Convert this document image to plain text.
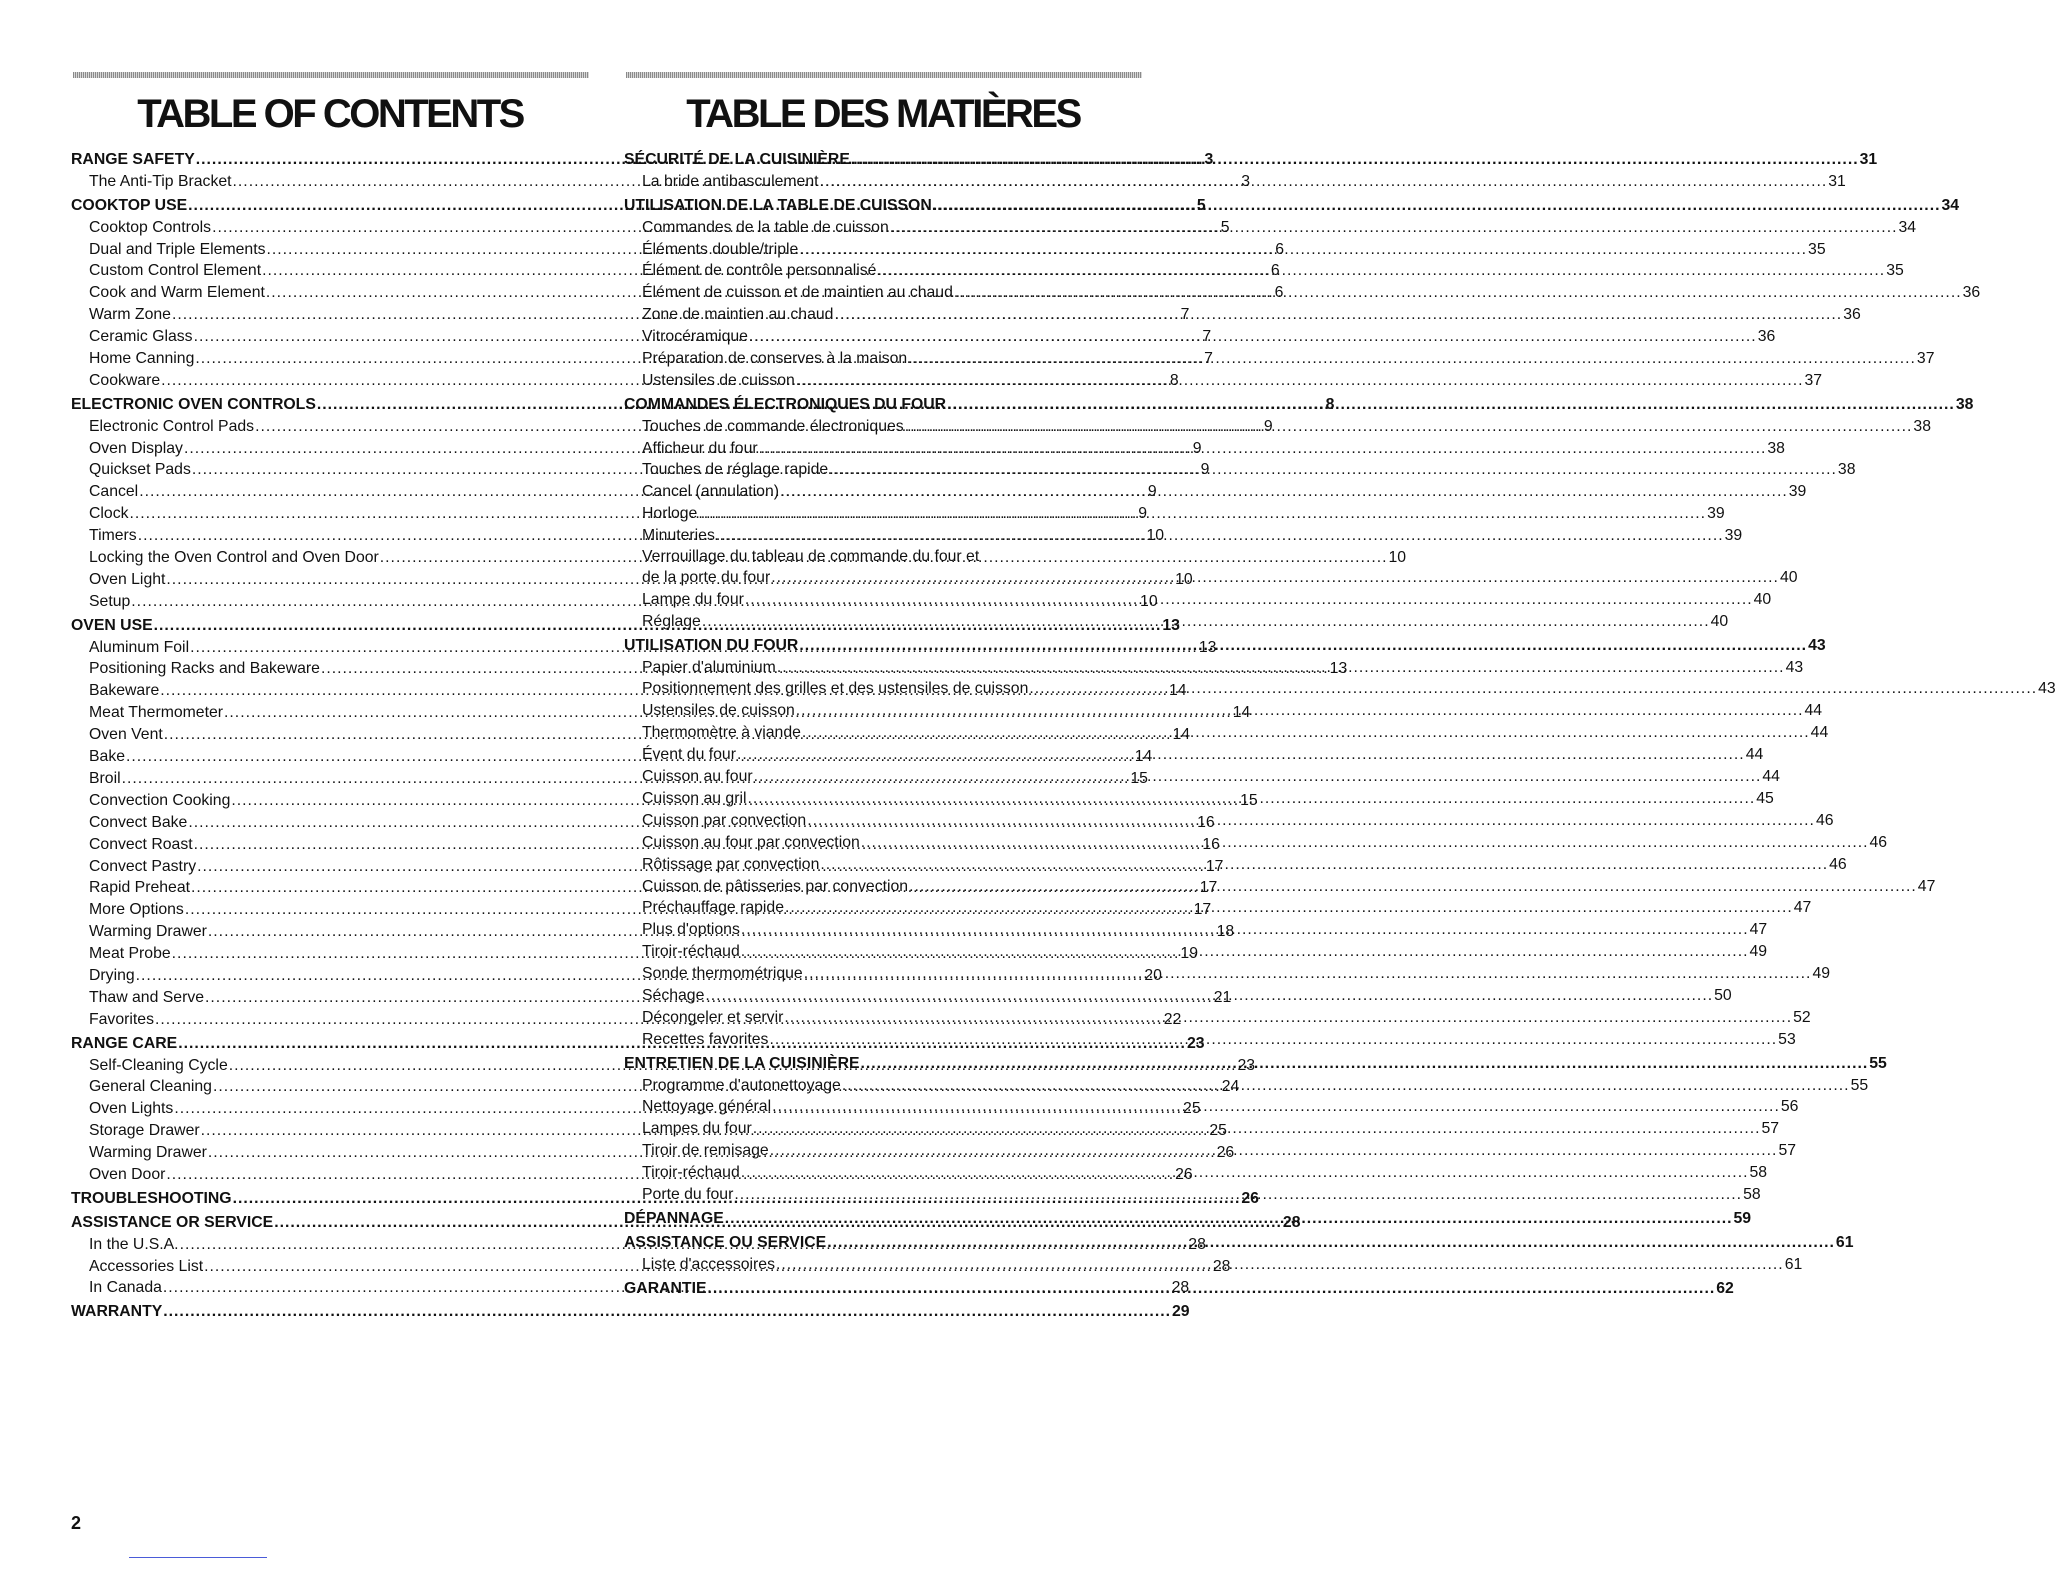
TABLE OF CONTENTS
RANGE SAFETY .....	3
The Anti-Tip Bracket .....	3
COOKTOP USE .....	5
Cooktop Controls .....	5
Dual and Triple Elements .....	6
Custom Control Element .....	6
Cook and Warm Element .....	6
Warm Zone .....	7
Ceramic Glass .....	7
Home Canning .....	7
Cookware .....	8
ELECTRONIC OVEN CONTROLS .....	8
Electronic Control Pads .....	9
Oven Display .....	9
Quickset Pads .....	9
Cancel .....	9
Clock .....	9
Timers .....	10
Locking the Oven Control and Oven Door .....	10
Oven Light .....	10
Setup .....	10
OVEN USE .....	13
Aluminum Foil .....	13
Positioning Racks and Bakeware .....	13
Bakeware .....	14
Meat Thermometer .....	14
Oven Vent .....	14
Bake .....	14
Broil .....	15
Convection Cooking .....	15
Convect Bake .....	16
Convect Roast .....	16
Convect Pastry .....	17
Rapid Preheat .....	17
More Options .....	17
Warming Drawer .....	18
Meat Probe .....	19
Drying .....	20
Thaw and Serve .....	21
Favorites .....	22
RANGE CARE .....	23
Self-Cleaning Cycle .....	23
General Cleaning .....	24
Oven Lights .....	25
Storage Drawer .....	25
Warming Drawer .....	26
Oven Door .....	26
TROUBLESHOOTING .....	26
ASSISTANCE OR SERVICE .....	28
In the U.S.A. .....	28
Accessories List .....	28
In Canada .....	28
WARRANTY .....	29
TABLE DES MATIÈRES
SÉCURITÉ DE LA CUISINIÈRE .....	31
La bride antibasculement .....	31
UTILISATION DE LA TABLE DE CUISSON .....	34
Commandes de la table de cuisson .....	34
Éléments double/triple .....	35
Élément de contrôle personnalisé .....	35
Élément de cuisson et de maintien au chaud .....	36
Zone de maintien au chaud .....	36
Vitrocéramique .....	36
Préparation de conserves à la maison .....	37
Ustensiles de cuisson .....	37
COMMANDES ÉLECTRONIQUES DU FOUR .....	38
Touches de commande électroniques .....	38
Afficheur du four .....	38
Touches de réglage rapide .....	38
Cancel (annulation) .....	39
Horloge .....	39
Minuteries .....	39
Verrouillage du tableau de commande du four et
de la porte du four .....	40
Lampe du four .....	40
Réglage .....	40
UTILISATION DU FOUR .....	43
Papier d'aluminium .....	43
Positionnement des grilles et des ustensiles de cuisson .....	43
Ustensiles de cuisson .....	44
Thermomètre à viande .....	44
Évent du four .....	44
Cuisson au four .....	44
Cuisson au gril .....	45
Cuisson par convection .....	46
Cuisson au four par convection .....	46
Rôtissage par convection .....	46
Cuisson de pâtisseries par convection .....	47
Préchauffage rapide .....	47
Plus d'options .....	47
Tiroir-réchaud .....	49
Sonde thermométrique .....	49
Séchage .....	50
Décongeler et servir .....	52
Recettes favorites .....	53
ENTRETIEN DE LA CUISINIÈRE .....	55
Programme d'autonettoyage .....	55
Nettoyage général .....	56
Lampes du four .....	57
Tiroir de remisage .....	57
Tiroir-réchaud .....	58
Porte du four .....	58
DÉPANNAGE .....	59
ASSISTANCE OU SERVICE .....	61
Liste d'accessoires .....	61
GARANTIE .....	62
2
